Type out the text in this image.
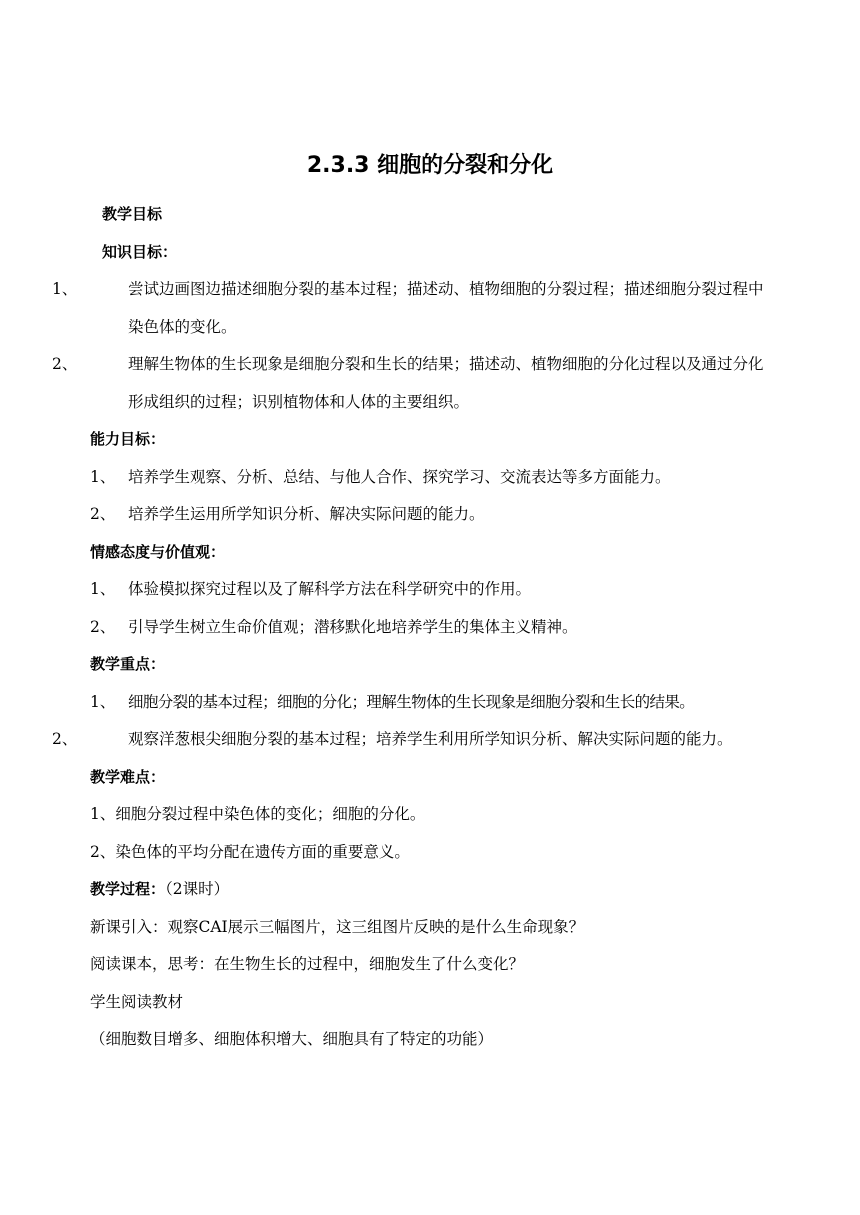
2.3.3 细胞的分裂和分化

教学目标

知识目标：

1、	尝试边画图边描述细胞分裂的基本过程；描述动、植物细胞的分裂过程；描述细胞分裂过程中染色体的变化。
2、	理解生物体的生长现象是细胞分裂和生长的结果；描述动、植物细胞的分化过程以及通过分化形成组织的过程；识别植物体和人体的主要组织。

能力目标：

1、 培养学生观察、分析、总结、与他人合作、探究学习、交流表达等多方面能力。
2、 培养学生运用所学知识分析、解决实际问题的能力。

情感态度与价值观：

1、 体验模拟探究过程以及了解科学方法在科学研究中的作用。
2、 引导学生树立生命价值观；潜移默化地培养学生的集体主义精神。

教学重点：

1、 细胞分裂的基本过程；细胞的分化；理解生物体的生长现象是细胞分裂和生长的结果。
2、	观察洋葱根尖细胞分裂的基本过程；培养学生利用所学知识分析、解决实际问题的能力。

教学难点：

1、细胞分裂过程中染色体的变化；细胞的分化。

2、染色体的平均分配在遗传方面的重要意义。

教学过程：（2课时）

新课引入：观察CAI展示三幅图片，这三组图片反映的是什么生命现象？

阅读课本，思考：在生物生长的过程中，细胞发生了什么变化？

学生阅读教材

（细胞数目增多、细胞体积增大、细胞具有了特定的功能）
